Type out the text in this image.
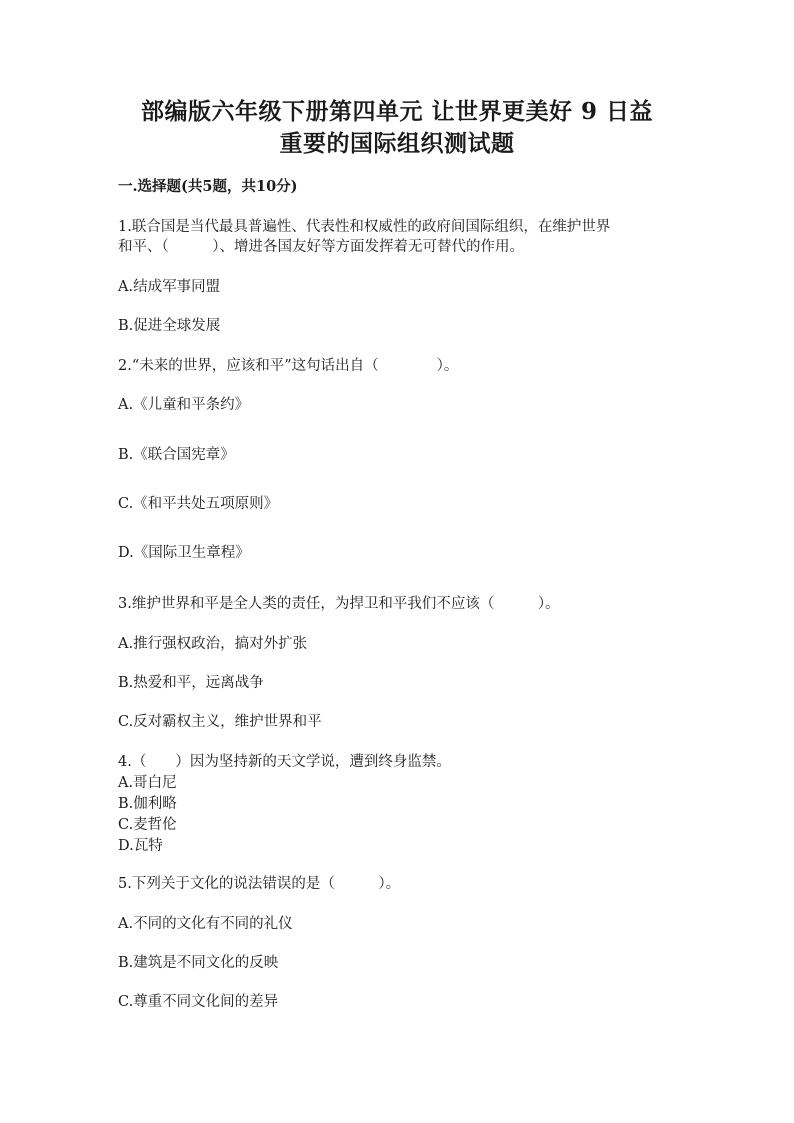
部编版六年级下册第四单元 让世界更美好 9 日益
重要的国际组织测试题
一.选择题(共5题，共10分)
1.联合国是当代最具普遍性、代表性和权威性的政府间国际组织，在维护世界
和平、（　　　）、增进各国友好等方面发挥着无可替代的作用。
A.结成军事同盟
B.促进全球发展
2.“未来的世界，应该和平”这句话出自（　　　　）。
A.《儿童和平条约》
B.《联合国宪章》
C.《和平共处五项原则》
D.《国际卫生章程》
3.维护世界和平是全人类的责任，为捍卫和平我们不应该（　　　）。
A.推行强权政治，搞对外扩张
B.热爱和平，远离战争
C.反对霸权主义，维护世界和平
4.（　　）因为坚持新的天文学说，遭到终身监禁。
A.哥白尼
B.伽利略
C.麦哲伦
D.瓦特
5.下列关于文化的说法错误的是（　　　）。
A.不同的文化有不同的礼仪
B.建筑是不同文化的反映
C.尊重不同文化间的差异
